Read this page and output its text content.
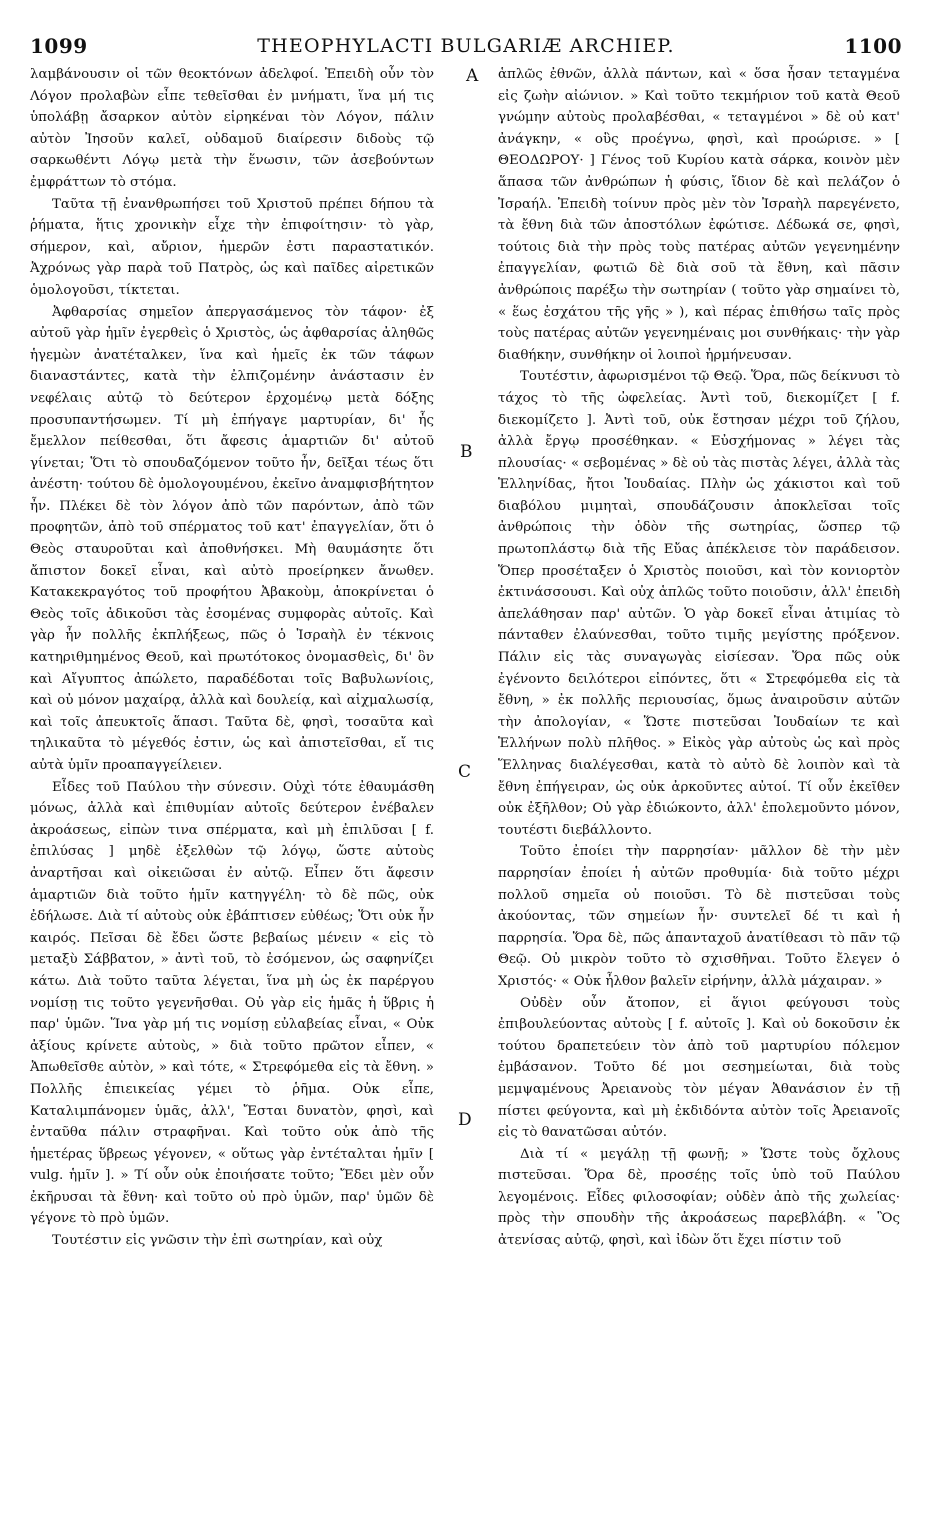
1099	THEOPHYLACTI BULGARIÆ ARCHIEP.	1100
A
B
C
D

λαμβάνουσιν οἱ τῶν θεοκτόνων ἀδελφοί. Ἐπειδὴ οὖν τὸν Λόγον προλαβὼν εἶπε τεθεῖσθαι ἐν μνήματι, ἵνα μή τις ὑπολάβῃ ἄσαρκον αὐτὸν εἰρηκέναι τὸν Λόγον, πάλιν αὐτὸν Ἰησοῦν καλεῖ, οὐδαμοῦ διαίρεσιν διδοὺς τῷ σαρκωθέντι Λόγῳ μετὰ τὴν ἕνωσιν, τῶν ἀσεβούντων ἐμφράττων τὸ στόμα.

Ταῦτα τῇ ἐνανθρωπήσει τοῦ Χριστοῦ πρέπει δήπου τὰ ῥήματα, ἥτις χρονικὴν εἶχε τὴν ἐπιφοίτησιν· τὸ γὰρ, σήμερον, καὶ, αὔριον, ἡμερῶν ἐστι παραστατικόν. Ἀχρόνως γὰρ παρὰ τοῦ Πατρὸς, ὡς καὶ παῖδες αἱρετικῶν ὁμολογοῦσι, τίκτεται.

Ἀφθαρσίας σημεῖον ἀπεργασάμενος τὸν τάφον· ἐξ αὐτοῦ γὰρ ἡμῖν ἐγερθεὶς ὁ Χριστὸς, ὡς ἀφθαρσίας ἀληθῶς ἡγεμὼν ἀνατέταλκεν, ἵνα καὶ ἡμεῖς ἐκ τῶν τάφων διαναστάντες, κατὰ τὴν ἐλπιζομένην ἀνάστασιν ἐν νεφέλαις αὐτῷ τὸ δεύτερον ἐρχομένῳ μετὰ δόξης προσυπαντήσωμεν. Τί μὴ ἐπήγαγε μαρτυρίαν, δι' ἧς ἔμελλον πείθεσθαι, ὅτι ἄφεσις ἁμαρτιῶν δι' αὐτοῦ γίνεται; Ὅτι τὸ σπουδαζόμενον τοῦτο ἦν, δεῖξαι τέως ὅτι ἀνέστη· τούτου δὲ ὁμολογουμένου, ἐκεῖνο ἀναμφισβήτητον ἦν. Πλέκει δὲ τὸν λόγον ἀπὸ τῶν παρόντων, ἀπὸ τῶν προφητῶν, ἀπὸ τοῦ σπέρματος τοῦ κατ' ἐπαγγελίαν, ὅτι ὁ Θεὸς σταυροῦται καὶ ἀποθνήσκει. Μὴ θαυμάσητε ὅτι ἄπιστον δοκεῖ εἶναι, καὶ αὐτὸ προείρηκεν ἄνωθεν. Κατακεκραγότος τοῦ προφήτου Ἀβακοὺμ, ἀποκρίνεται ὁ Θεὸς τοῖς ἀδικοῦσι τὰς ἐσομένας συμφορὰς αὐτοῖς. Καὶ γὰρ ἦν πολλῆς ἐκπλήξεως, πῶς ὁ Ἰσραὴλ ἐν τέκνοις κατηριθμημένος Θεοῦ, καὶ πρωτότοκος ὀνομασθεὶς, δι' ὃν καὶ Αἴγυπτος ἀπώλετο, παραδέδοται τοῖς Βαβυλωνίοις, καὶ οὐ μόνον μαχαίρᾳ, ἀλλὰ καὶ δουλείᾳ, καὶ αἰχμαλωσίᾳ, καὶ τοῖς ἀπευκτοῖς ἅπασι. Ταῦτα δὲ, φησὶ, τοσαῦτα καὶ τηλικαῦτα τὸ μέγεθός ἐστιν, ὡς καὶ ἀπιστεῖσθαι, εἴ τις αὐτὰ ὑμῖν προαπαγγείλειεν.

Εἶδες τοῦ Παύλου τὴν σύνεσιν. Οὐχὶ τότε ἐθαυμάσθη μόνως, ἀλλὰ καὶ ἐπιθυμίαν αὐτοῖς δεύτερον ἐνέβαλεν ἀκροάσεως, εἰπὼν τινα σπέρματα, καὶ μὴ ἐπιλῦσαι [ f. ἐπιλύσας ] μηδὲ ἐξελθὼν τῷ λόγῳ, ὥστε αὐτοὺς ἀναρτῆσαι καὶ οἰκειῶσαι ἐν αὐτῷ. Εἶπεν ὅτι ἄφεσιν ἁμαρτιῶν διὰ τοῦτο ἡμῖν κατηγγέλη· τὸ δὲ πῶς, οὐκ ἐδήλωσε. Διὰ τί αὐτοὺς οὐκ ἐβάπτισεν εὐθέως; Ὅτι οὐκ ἦν καιρός. Πεῖσαι δὲ ἔδει ὥστε βεβαίως μένειν « εἰς τὸ μεταξὺ Σάββατον, » ἀντὶ τοῦ, τὸ ἐσόμενον, ὡς σαφηνίζει κάτω. Διὰ τοῦτο ταῦτα λέγεται, ἵνα μὴ ὡς ἐκ παρέργου νομίσῃ τις τοῦτο γεγενῆσθαι. Οὐ γὰρ εἰς ἡμᾶς ἡ ὕβρις ἡ παρ' ὑμῶν. Ἵνα γὰρ μή τις νομίσῃ εὐλαβείας εἶναι, « Οὐκ ἀξίους κρίνετε αὐτοὺς, » διὰ τοῦτο πρῶτον εἶπεν, « Ἀπωθεῖσθε αὐτὸν, » καὶ τότε, « Στρεφόμεθα εἰς τὰ ἔθνη. » Πολλῆς ἐπιεικείας γέμει τὸ ῥῆμα. Οὐκ εἶπε, Καταλιμπάνομεν ὑμᾶς, ἀλλ', Ἔσται δυνατὸν, φησὶ, καὶ ἐνταῦθα πάλιν στραφῆναι. Καὶ τοῦτο οὐκ ἀπὸ τῆς ἡμετέρας ὕβρεως γέγονεν, « οὕτως γὰρ ἐντέταλται ἡμῖν [ vulg. ἡμῖν ]. » Τί οὖν οὐκ ἐποιήσατε τοῦτο; Ἔδει μὲν οὖν ἐκῆρυσαι τὰ ἔθνη· καὶ τοῦτο οὐ πρὸ ὑμῶν, παρ' ὑμῶν δὲ γέγονε τὸ πρὸ ὑμῶν.

Τουτέστιν εἰς γνῶσιν τὴν ἐπὶ σωτηρίαν, καὶ οὐχ

ἁπλῶς ἐθνῶν, ἀλλὰ πάντων, καὶ « ὅσα ἦσαν τεταγμένα εἰς ζωὴν αἰώνιον. » Καὶ τοῦτο τεκμήριον τοῦ κατὰ Θεοῦ γνώμην αὐτοὺς προλαβέσθαι, « τεταγμένοι » δὲ οὐ κατ' ἀνάγκην, « οὓς προέγνω, φησὶ, καὶ προώρισε. » [ ΘΕΟΔΩΡΟΥ· ] Γένος τοῦ Κυρίου κατὰ σάρκα, κοινὸν μὲν ἅπασα τῶν ἀνθρώπων ἡ φύσις, ἴδιον δὲ καὶ πελάζον ὁ Ἰσραήλ. Ἐπειδὴ τοίνυν πρὸς μὲν τὸν Ἰσραὴλ παρεγένετο, τὰ ἔθνη διὰ τῶν ἀποστόλων ἐφώτισε. Δέδωκά σε, φησὶ, τούτοις διὰ τὴν πρὸς τοὺς πατέρας αὐτῶν γεγενημένην ἐπαγγελίαν, φωτιῶ δὲ διὰ σοῦ τὰ ἔθνη, καὶ πᾶσιν ἀνθρώποις παρέξω τὴν σωτηρίαν ( τοῦτο γὰρ σημαίνει τὸ, « ἕως ἐσχάτου τῆς γῆς » ), καὶ πέρας ἐπιθήσω ταῖς πρὸς τοὺς πατέρας αὐτῶν γεγενημέναις μοι συνθήκαις· τὴν γὰρ διαθήκην, συνθήκην οἱ λοιποὶ ἡρμήνευσαν.

Τουτέστιν, ἀφωρισμένοι τῷ Θεῷ. Ὅρα, πῶς δείκνυσι τὸ τάχος τὸ τῆς ὠφελείας. Ἀντὶ τοῦ, διεκομίζετ [ f. διεκομίζετο ]. Ἀντὶ τοῦ, οὐκ ἔστησαν μέχρι τοῦ ζήλου, ἀλλὰ ἔργῳ προσέθηκαν. « Εὐσχήμονας » λέγει τὰς πλουσίας· « σεβομένας » δὲ οὐ τὰς πιστὰς λέγει, ἀλλὰ τὰς Ἑλληνίδας, ἤτοι Ἰουδαίας. Πλὴν ὡς χάκιστοι καὶ τοῦ διαβόλου μιμηταὶ, σπουδάζουσιν ἀποκλεῖσαι τοῖς ἀνθρώποις τὴν ὁδὸν τῆς σωτηρίας, ὥσπερ τῷ πρωτοπλάστῳ διὰ τῆς Εὔας ἀπέκλεισε τὸν παράδεισον. Ὅπερ προσέταξεν ὁ Χριστὸς ποιοῦσι, καὶ τὸν κονιορτὸν ἐκτινάσσουσι. Καὶ οὐχ ἁπλῶς τοῦτο ποιοῦσιν, ἀλλ' ἐπειδὴ ἀπελάθησαν παρ' αὐτῶν. Ὁ γὰρ δοκεῖ εἶναι ἀτιμίας τὸ πάνταθεν ἐλαύνεσθαι, τοῦτο τιμῆς μεγίστης πρόξενον. Πάλιν εἰς τὰς συναγωγὰς εἰσίεσαν. Ὅρα πῶς οὐκ ἐγένοντο δειλότεροι εἰπόντες, ὅτι « Στρεφόμεθα εἰς τὰ ἔθνη, » ἐκ πολλῆς περιουσίας, ὅμως ἀναιροῦσιν αὐτῶν τὴν ἀπολογίαν, « Ὥστε πιστεῦσαι Ἰουδαίων τε καὶ Ἑλλήνων πολὺ πλῆθος. » Εἰκὸς γὰρ αὐτοὺς ὡς καὶ πρὸς Ἕλληνας διαλέγεσθαι, κατὰ τὸ αὐτὸ δὲ λοιπὸν καὶ τὰ ἔθνη ἐπήγειραν, ὡς οὐκ ἀρκοῦντες αὐτοί. Τί οὖν ἐκεῖθεν οὐκ ἐξῆλθον; Οὐ γὰρ ἐδιώκοντο, ἀλλ' ἐπολεμοῦντο μόνον, τουτέστι διεβάλλοντο.

Τοῦτο ἐποίει τὴν παρρησίαν· μᾶλλον δὲ τὴν μὲν παρρησίαν ἐποίει ἡ αὐτῶν προθυμία· διὰ τοῦτο μέχρι πολλοῦ σημεῖα οὐ ποιοῦσι. Τὸ δὲ πιστεῦσαι τοὺς ἀκούοντας, τῶν σημείων ἦν· συντελεῖ δέ τι καὶ ἡ παρρησία. Ὅρα δὲ, πῶς ἁπανταχοῦ ἀνατίθεασι τὸ πᾶν τῷ Θεῷ. Οὐ μικρὸν τοῦτο τὸ σχισθῆναι. Τοῦτο ἔλεγεν ὁ Χριστός· « Οὐκ ἦλθον βαλεῖν εἰρήνην, ἀλλὰ μάχαιραν. »

Οὐδὲν οὖν ἄτοπον, εἰ ἅγιοι φεύγουσι τοὺς ἐπιβουλεύοντας αὐτοὺς [ f. αὐτοῖς ]. Καὶ οὐ δοκοῦσιν ἐκ τούτου δραπετεύειν τὸν ἀπὸ τοῦ μαρτυρίου πόλεμον ἐμβάσανον. Τοῦτο δέ μοι σεσημείωται, διὰ τοὺς μεμψαμένους Ἀρειανοὺς τὸν μέγαν Ἀθανάσιον ἐν τῇ πίστει φεύγοντα, καὶ μὴ ἐκδιδόντα αὐτὸν τοῖς Ἀρειανοῖς εἰς τὸ θανατῶσαι αὐτόν.

Διὰ τί « μεγάλῃ τῇ φωνῇ; » Ὥστε τοὺς ὄχλους πιστεῦσαι. Ὅρα δὲ, προσέῃς τοῖς ὑπὸ τοῦ Παύλου λεγομένοις. Εἶδες φιλοσοφίαν; οὐδὲν ἀπὸ τῆς χωλείας· πρὸς τὴν σπουδὴν τῆς ἀκροάσεως παρεβλάβη. « Ὃς ἀτενίσας αὐτῷ, φησὶ, καὶ ἰδὼν ὅτι ἔχει πίστιν τοῦ
